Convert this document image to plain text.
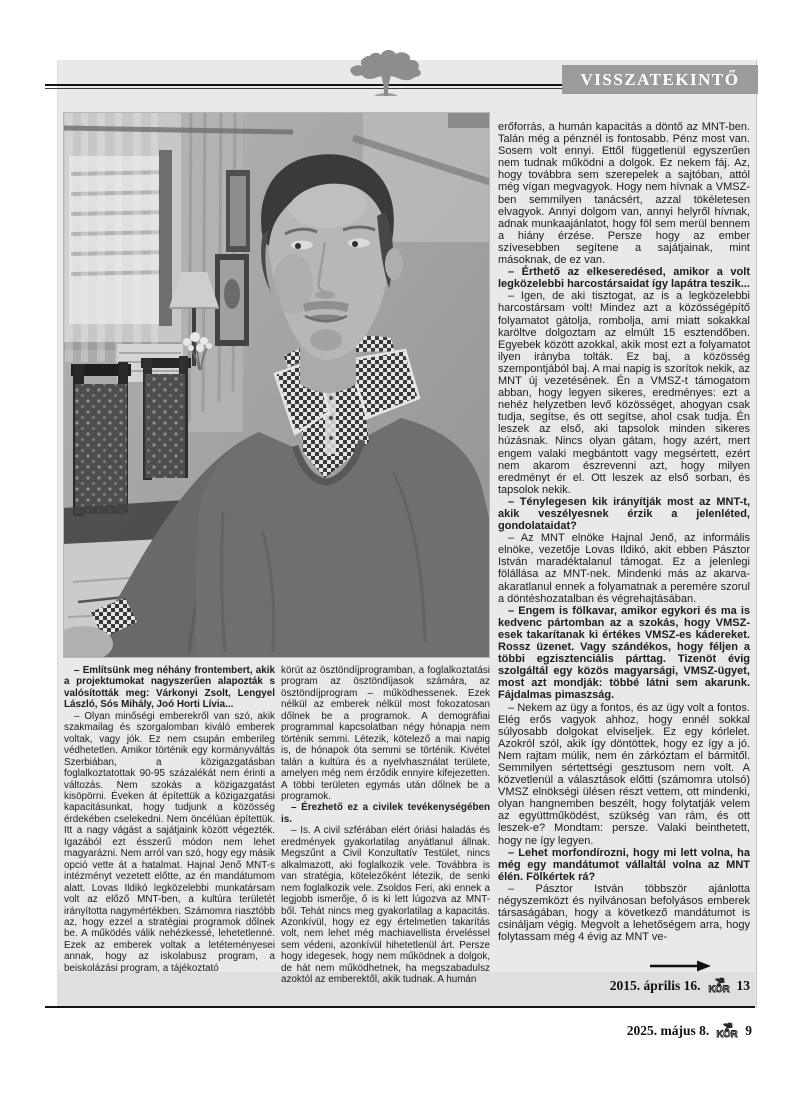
VISSZATEKINTŐ

– Említsünk meg néhány frontembert, akik a projektumokat nagyszerűen alapozták s valósították meg: Várkonyi Zsolt, Lengyel László, Sós Mihály, Joó Horti Lívia...

– Olyan minőségi emberekről van szó, akik szakmailag és szorgalomban kiváló emberek voltak, vagy jók. Ez nem csupán emberileg védhetetlen. Amikor történik egy kormányváltás Szerbiában, a közigazgatásban foglalkoztatottak 90-95 százalékát nem érinti a változás. Nem szokás a közigazgatást kisöpörni. Éveken át építettük a közigazgatási kapacitásunkat, hogy tudjunk a közösség érdekében cselekedni. Nem öncélúan építettük. Itt a nagy vágást a sajátjaink között végezték. Igazából ezt ésszerű módon nem lehet magyarázni. Nem arról van szó, hogy egy másik opció vette át a hatalmat. Hajnal Jenő MNT-s intézményt vezetett előtte, az én mandátumom alatt. Lovas Ildikó legközelebbi munkatársam volt az előző MNT-ben, a kultúra területét irányította nagymértékben. Számomra riasztóbb az, hogy ezzel a stratégiai programok dőlnek be. A működés válik nehézkessé, lehetetlenné. Ezek az emberek voltak a letéteményesei annak, hogy az iskolabusz program, a beiskolázási program, a tájékoztató

körút az ösztöndíjprogramban, a foglalkoztatási program az ösztöndíjasok számára, az ösztöndíjprogram – működhessenek. Ezek nélkül az emberek nélkül most fokozatosan dőlnek be a programok. A demográfiai programmal kapcsolatban négy hónapja nem történik semmi. Létezik, kötelező a mai napig is, de hónapok óta semmi se történik. Kivétel talán a kultúra és a nyelvhasználat területe, amelyen még nem érződik ennyire kifejezetten. A többi területen egymás után dőlnek be a programok.

– Érezhető ez a civilek tevékenységében is.

– Is. A civil szférában elért óriási haladás és eredmények gyakorlatilag anyátlanul állnak. Megszűnt a Civil Konzultatív Testület, nincs alkalmazott, aki foglalkozik vele. Továbbra is van stratégia, kötelezőként létezik, de senki nem foglalkozik vele. Zsoldos Feri, aki ennek a legjobb ismerője, ő is ki lett lúgozva az MNT-ből. Tehát nincs meg gyakorlatilag a kapacitás. Azonkívül, hogy ez egy értelmetlen takarítás volt, nem lehet még machiavellista érveléssel sem védeni, azonkívül hihetetlenül árt. Persze hogy idegesek, hogy nem működnek a dolgok, de hát nem működhetnek, ha megszabadulsz azoktól az emberektől, akik tudnak. A humán

erőforrás, a humán kapacitás a döntő az MNT-ben. Talán még a pénznél is fontosabb. Pénz most van. Sosem volt ennyi. Ettől függetlenül egyszerűen nem tudnak működni a dolgok. Ez nekem fáj. Az, hogy továbbra sem szerepelek a sajtóban, attól még vígan megvagyok. Hogy nem hívnak a VMSZ-ben semmilyen tanácsért, azzal tökéletesen elvagyok. Annyi dolgom van, annyi helyről hívnak, adnak munkaajánlatot, hogy föl sem merül bennem a hiány érzése. Persze hogy az ember szívesebben segítene a sajátjainak, mint másoknak, de ez van.

– Érthető az elkeseredésed, amikor a volt legközelebbi harcostársaidat így lapátra teszik...

– Igen, de aki tisztogat, az is a legközelebbi harcostársam volt! Mindez azt a közösségépítő folyamatot gátolja, rombolja, ami miatt sokakkal karöltve dolgoztam az elmúlt 15 esztendőben. Egyebek között azokkal, akik most ezt a folyamatot ilyen irányba tolták. Ez baj, a közösség szempontjából baj. A mai napig is szorítok nekik, az MNT új vezetésének. Én a VMSZ-t támogatom abban, hogy legyen sikeres, eredményes: ezt a nehéz helyzetben levő közösséget, ahogyan csak tudja, segítse, és ott segítse, ahol csak tudja. Én leszek az első, aki tapsolok minden sikeres húzásnak. Nincs olyan gátam, hogy azért, mert engem valaki megbántott vagy megsértett, ezért nem akarom észrevenni azt, hogy milyen eredményt ér el. Ott leszek az első sorban, és tapsolok nekik.

– Ténylegesen kik irányítják most az MNT-t, akik veszélyesnek érzik a jelenléted, gondolataidat?

– Az MNT elnöke Hajnal Jenő, az informális elnöke, vezetője Lovas Ildikó, akit ebben Pásztor István maradéktalanul támogat. Ez a jelenlegi fölállása az MNT-nek. Mindenki más az akarva-akaratlanul ennek a folyamatnak a peremére szorul a döntéshozatalban és végrehajtásában.

– Engem is fölkavar, amikor egykori és ma is kedvenc pártomban az a szokás, hogy VMSZ-esek takarítanak ki értékes VMSZ-es kádereket. Rossz üzenet. Vagy szándékos, hogy féljen a többi egzisztenciális párttag. Tizenöt évig szolgáltál egy közös magyarsági, VMSZ-ügyet, most azt mondják: többé látni sem akarunk. Fájdalmas pimaszság.

– Nekem az ügy a fontos, és az ügy volt a fontos. Elég erős vagyok ahhoz, hogy ennél sokkal súlyosabb dolgokat elviseljek. Ez egy kórlelet. Azokról szól, akik így döntöttek, hogy ez így a jó. Nem rajtam múlik, nem én zárkóztam el bármitől. Semmilyen sértettségi gesztusom nem volt. A közvetlenül a választások előtti (számomra utolsó) VMSZ elnökségi ülésen részt vettem, ott mindenki, olyan hangnemben beszélt, hogy folytatják velem az együttműködést, szükség van rám, és ott leszek-e? Mondtam: persze. Valaki beinthetett, hogy ne így legyen.

– Lehet morfondírozni, hogy mi lett volna, ha még egy mandátumot vállaltál volna az MNT élén. Fölkértek rá?

– Pásztor István többször ajánlotta négyszemközt és nyilvánosan befolyásos emberek társaságában, hogy a következő mandátumot is csináljam végig. Megvolt a lehetőségem arra, hogy folytassam még 4 évig az MNT ve-

2015. április 16. KÖR 13
2025. május 8. KÖR 9
